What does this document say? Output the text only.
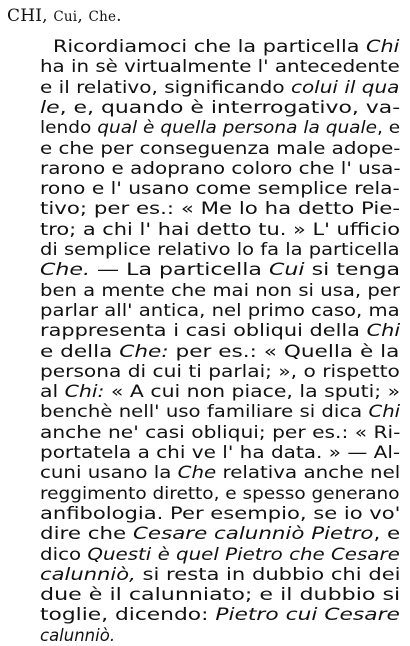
CHI, Cui, Che.
Ricordiamoci che la particella Chi
ha in sè virtualmente l' antecedente
e il relativo, significando colui il qua
le, e, quando è interrogativo, va-
lendo qual è quella persona la quale, e
e che per conseguenza male adope-
rarono e adoprano coloro che l' usa-
rono e l' usano come semplice rela-
tivo; per es.: « Me lo ha detto Pie-
tro; a chi l' hai detto tu. » L' ufficio
di semplice relativo lo fa la particella
Che. — La particella Cui si tenga
ben a mente che mai non si usa, per
parlar all' antica, nel primo caso, ma
rappresenta i casi obliqui della Chi
e della Che: per es.: « Quella è la
persona di cui ti parlai; », o rispetto
al Chi: « A cui non piace, la sputi; »
benchè nell' uso familiare si dica Chi
anche ne' casi obliqui; per es.: « Ri-
portatela a chi ve l' ha data. » — Al-
cuni usano la Che relativa anche nel
reggimento diretto, e spesso generano
anfibologia. Per esempio, se io vo'
dire che Cesare calunniò Pietro, e
dico Questi è quel Pietro che Cesare
calunniò, si resta in dubbio chi dei
due è il calunniato; e il dubbio si
toglie, dicendo: Pietro cui Cesare
calunniò.
